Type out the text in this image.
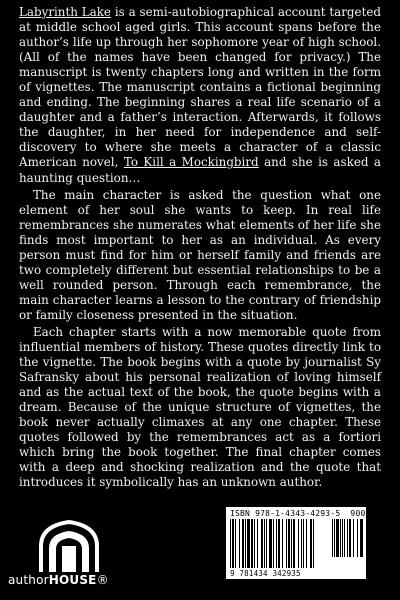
Labyrinth Lake is a semi-autobiographical account targeted at middle school aged girls. This account spans before the author’s life up through her sophomore year of high school. (All of the names have been changed for privacy.) The manuscript is twenty chapters long and written in the form of vignettes. The manuscript contains a fictional beginning and ending. The beginning shares a real life scenario of a daughter and a father’s interaction. Afterwards, it follows the daughter, in her need for independence and self-discovery to where she meets a character of a classic American novel, To Kill a Mockingbird and she is asked a haunting question…

The main character is asked the question what one element of her soul she wants to keep. In real life remembrances she numerates what elements of her life she finds most important to her as an individual. As every person must find for him or herself family and friends are two completely different but essential relationships to be a well rounded person. Through each remembrance, the main character learns a lesson to the contrary of friendship or family closeness presented in the situation.

Each chapter starts with a now memorable quote from influential members of history. These quotes directly link to the vignette. The book begins with a quote by journalist Sy Safransky about his personal realization of loving himself and as the actual text of the book, the quote begins with a dream. Because of the unique structure of vignettes, the book never actually climaxes at any one chapter. These quotes followed by the remembrances act as a fortiori which bring the book together. The final chapter comes with a deep and shocking realization and the quote that introduces it symbolically has an unknown author.

authorHOUSE®
ISBN 978-1-4343-4293-5 90000
9 781434 342935
